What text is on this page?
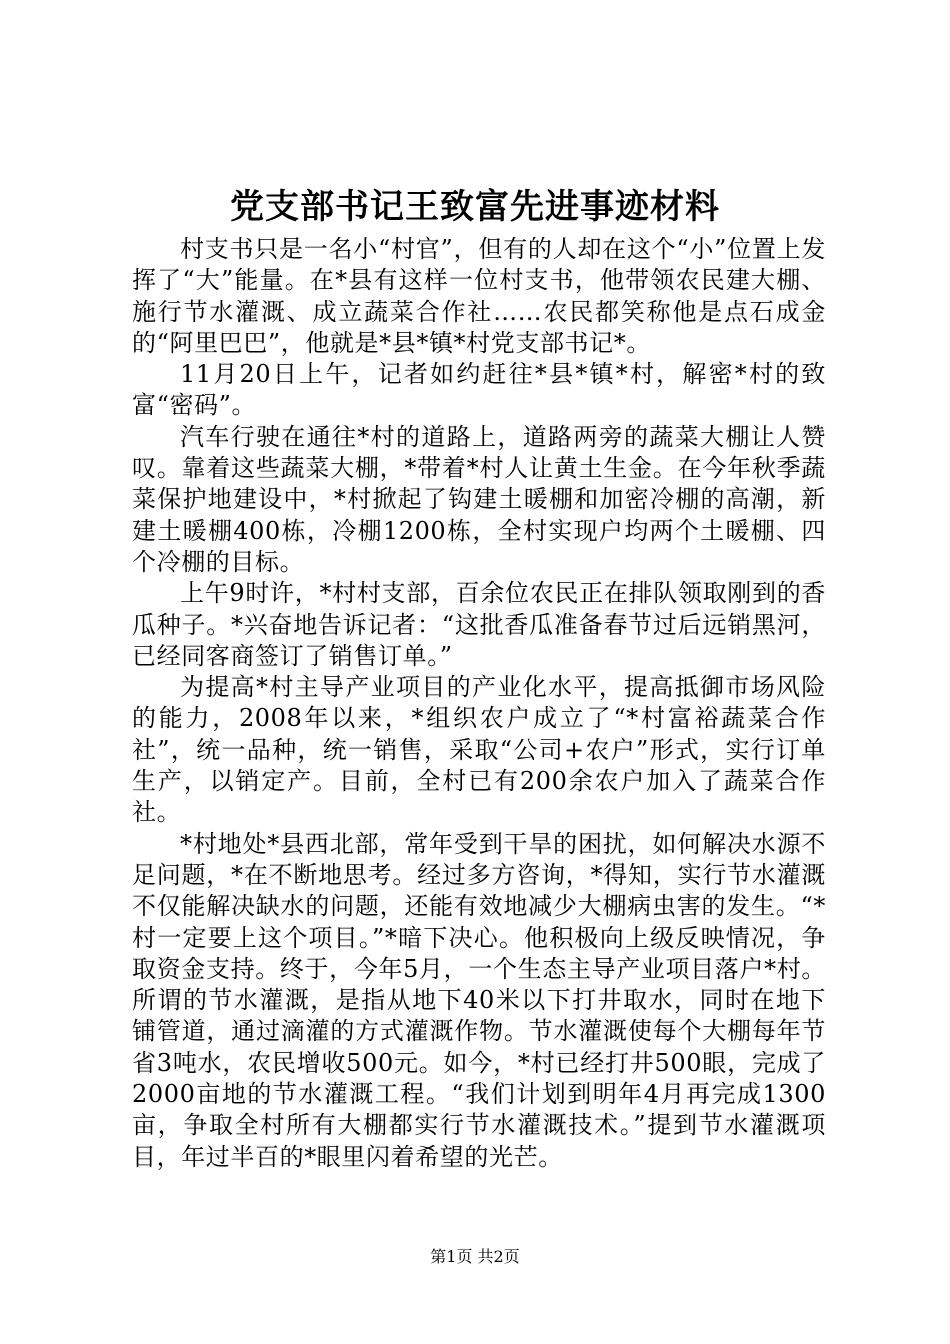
党支部书记王致富先进事迹材料

村支书只是一名小“村官”，但有的人却在这个“小”位置上发挥了“大”能量。在*县有这样一位村支书，他带领农民建大棚、施行节水灌溉、成立蔬菜合作社……农民都笑称他是点石成金的“阿里巴巴”，他就是*县*镇*村党支部书记*。

11月20日上午，记者如约赶往*县*镇*村，解密*村的致富“密码”。

汽车行驶在通往*村的道路上，道路两旁的蔬菜大棚让人赞叹。靠着这些蔬菜大棚，*带着*村人让黄土生金。在今年秋季蔬菜保护地建设中，*村掀起了钩建土暖棚和加密冷棚的高潮，新建土暖棚400栋，冷棚1200栋，全村实现户均两个土暖棚、四个冷棚的目标。

上午9时许，*村村支部，百余位农民正在排队领取刚到的香瓜种子。*兴奋地告诉记者：“这批香瓜准备春节过后远销黑河，已经同客商签订了销售订单。”

为提高*村主导产业项目的产业化水平，提高抵御市场风险的能力，2008年以来，*组织农户成立了“*村富裕蔬菜合作社”，统一品种，统一销售，采取“公司+农户”形式，实行订单生产，以销定产。目前，全村已有200余农户加入了蔬菜合作社。

*村地处*县西北部，常年受到干旱的困扰，如何解决水源不足问题，*在不断地思考。经过多方咨询，*得知，实行节水灌溉不仅能解决缺水的问题，还能有效地减少大棚病虫害的发生。“*村一定要上这个项目。”*暗下决心。他积极向上级反映情况，争取资金支持。终于，今年5月，一个生态主导产业项目落户*村。所谓的节水灌溉，是指从地下40米以下打井取水，同时在地下铺管道，通过滴灌的方式灌溉作物。节水灌溉使每个大棚每年节省3吨水，农民增收500元。如今，*村已经打井500眼，完成了2000亩地的节水灌溉工程。“我们计划到明年4月再完成1300亩，争取全村所有大棚都实行节水灌溉技术。”提到节水灌溉项目，年过半百的*眼里闪着希望的光芒。

第1页 共2页
